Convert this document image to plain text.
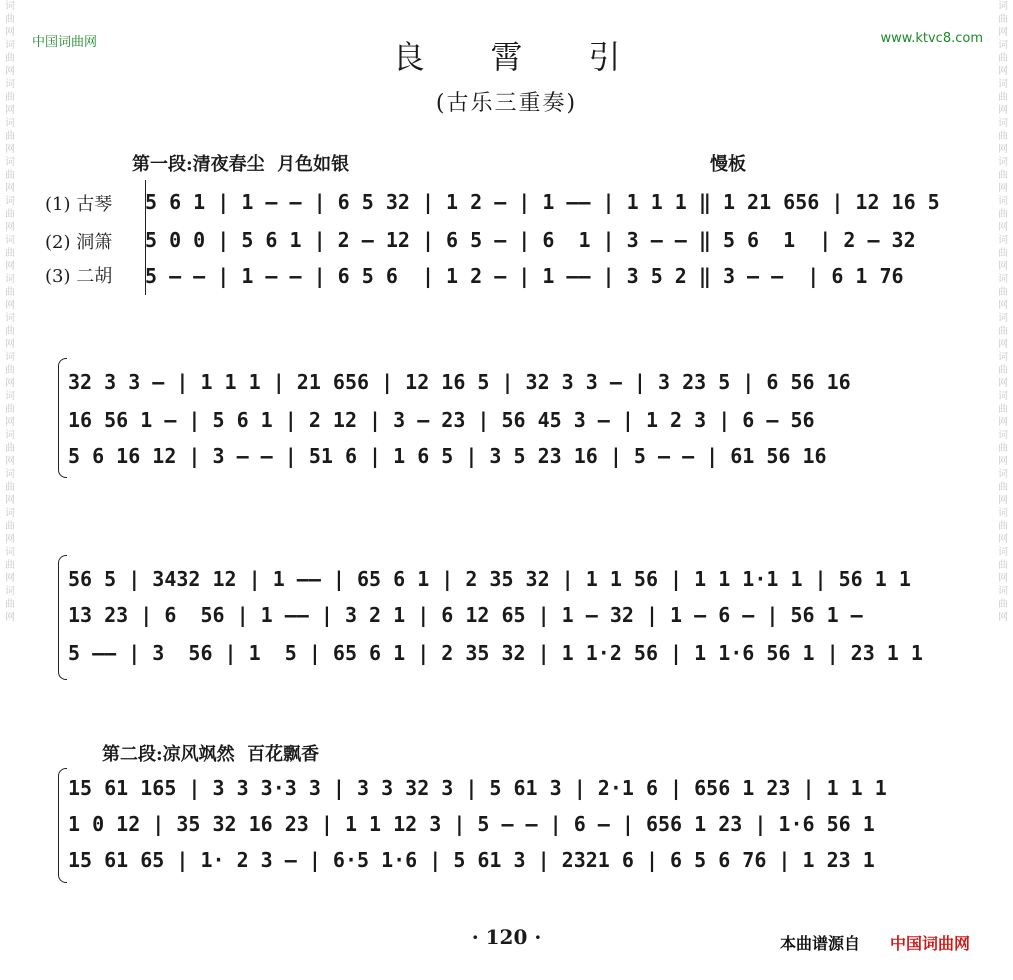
词曲网词曲网词曲网词曲网词曲网词曲网词曲网词曲网词曲网词曲网词曲网词曲网词曲网词曲网词曲网词曲网
词曲网词曲网词曲网词曲网词曲网词曲网词曲网词曲网词曲网词曲网词曲网词曲网词曲网词曲网词曲网词曲网
中国词曲网	www.ktvc8.com
良霄引
(古乐三重奏)
第一段:清夜春尘  月色如银	慢板
(1) 古琴
(2) 洞箫
(3) 二胡
5 6 1 | 1 — — | 6 5 32 | 1 2 — | 1 —— | 1 1 1 ‖ 1 21 656 | 12 16 5
5 0 0 | 5 6 1 | 2 — 12 | 6 5 — | 6  1 | 3 — — ‖ 5 6  1  | 2 — 32
5 — — | 1 — — | 6 5 6  | 1 2 — | 1 —— | 3 5 2 ‖ 3 — —  | 6 1 76
32 3 3 — | 1 1 1 | 21 656 | 12 16 5 | 32 3 3 — | 3 23 5 | 6 56 16
16 56 1 — | 5 6 1 | 2 12 | 3 — 23 | 56 45 3 — | 1 2 3 | 6 — 56
5 6 16 12 | 3 — — | 51 6 | 1 6 5 | 3 5 23 16 | 5 — — | 61 56 16
56 5 | 3432 12 | 1 —— | 65 6 1 | 2 35 32 | 1 1 56 | 1 1 1·1 1 | 56 1 1
13 23 | 6  56 | 1 —— | 3 2 1 | 6 12 65 | 1 — 32 | 1 — 6 — | 56 1 —
5 —— | 3  56 | 1  5 | 65 6 1 | 2 35 32 | 1 1·2 56 | 1 1·6 56 1 | 23 1 1
第二段:凉风飒然  百花飘香
15 61 165 | 3 3 3·3 3 | 3 3 32 3 | 5 61 3 | 2·1 6 | 656 1 23 | 1 1 1
1 0 12 | 35 32 16 23 | 1 1 12 3 | 5 — — | 6 — | 656 1 23 | 1·6 56 1
15 61 65 | 1· 2 3 — | 6·5 1·6 | 5 61 3 | 2321 6 | 6 5 6 76 | 1 23 1
· 120 ·	本曲谱源自 中国词曲网
